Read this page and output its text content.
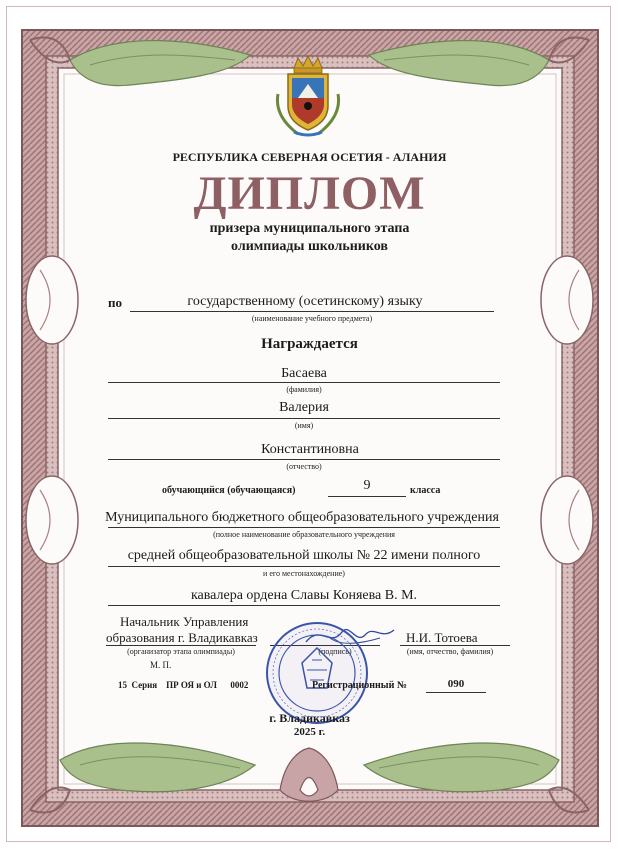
РЕСПУБЛИКА СЕВЕРНАЯ ОСЕТИЯ - АЛАНИЯ
ДИПЛОМ
призера муниципального этапа
олимпиады школьников
по	государственному (осетинскому) языку
(наименование учебного предмета)
Награждается
Басаева
(фамилия)
Валерия
(имя)
Константиновна
(отчество)
обучающийся (обучающаяся)	9	класса
Муниципального бюджетного общеобразовательного учреждения
(полное наименование образовательного учреждения
средней общеобразовательной школы № 22 имени полного
и его местонахождение)
кавалера ордена Славы Коняева В. М.
Начальник Управления
образования г. Владикавказ
(организатор этапа олимпиады)
Н.И. Тотоева
(имя, отчество, фамилия)
М. П.
15 Серия ПР ОЯ и ОЛ 0002	Регистрационный №	090
г. Владикавказ
2025 г.
